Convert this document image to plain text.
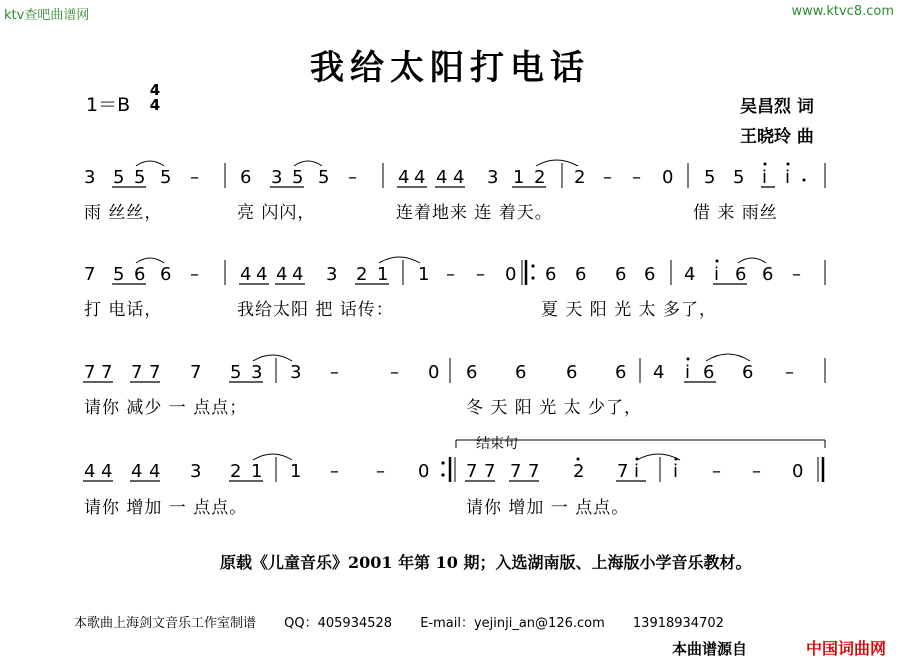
ktv查吧曲谱网	www.ktvc8.com
我给太阳打电话
1＝B
4
4	吴昌烈 词
王晓玲 曲
3 5 5 5 – 6 3 5 5 – 4 4 4 4 3 1 2 2 – – 0 5 5 i i
7 5 6 6 – 4 4 4 4 3 2 1 1 – – 0 6 6 6 6 4 i 6 6 –
7 7 7 7 7 5 3 3 –	– 0 6 6 6 6 4 i 6 6 –
4 4 4 4 3 2 1 1 – – 0 7 7 7 7 2 7 i i – – 0
雨 丝丝，	亮 闪闪，	连着地来 连 着天。	借 来 雨丝
打 电话，	我给太阳 把 话传：	夏 天 阳 光 太 多了，
请你 减少 一 点点；	冬 天 阳 光 太 少了，
请你 增加 一 点点。	请你 增加 一 点点。
结束句
原载《儿童音乐》2001 年第 10 期；入选湖南版、上海版小学音乐教材。
本歌曲上海剑文音乐工作室制谱 QQ：405934528 E-mail：yejinji_an@126.com 13918934702
本曲谱源自	中国词曲网
